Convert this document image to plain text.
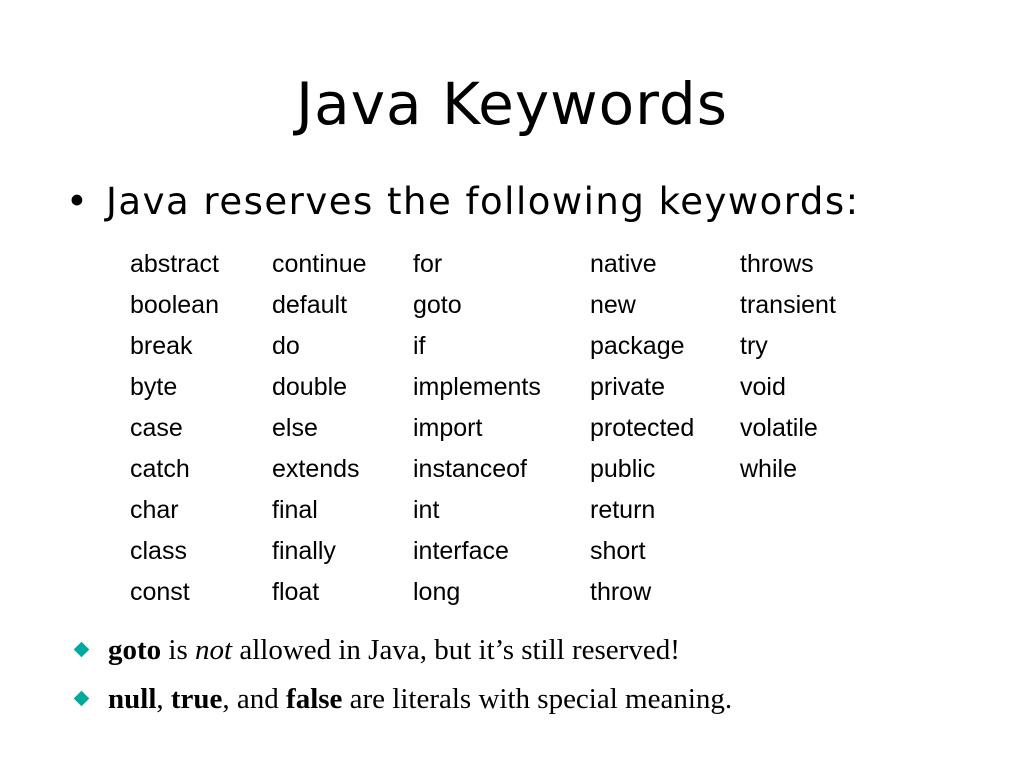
Java Keywords
• Java reserves the following keywords:
abstract
boolean
break
byte
case
catch
char
class
const
continue
default
do
double
else
extends
final
finally
float
for
goto
if
implements
import
instanceof
int
interface
long
native
new
package
private
protected
public
return
short
throw
throws
transient
try
void
volatile
while
goto is not allowed in Java, but it’s still reserved!
null, true, and false are literals with special meaning.
